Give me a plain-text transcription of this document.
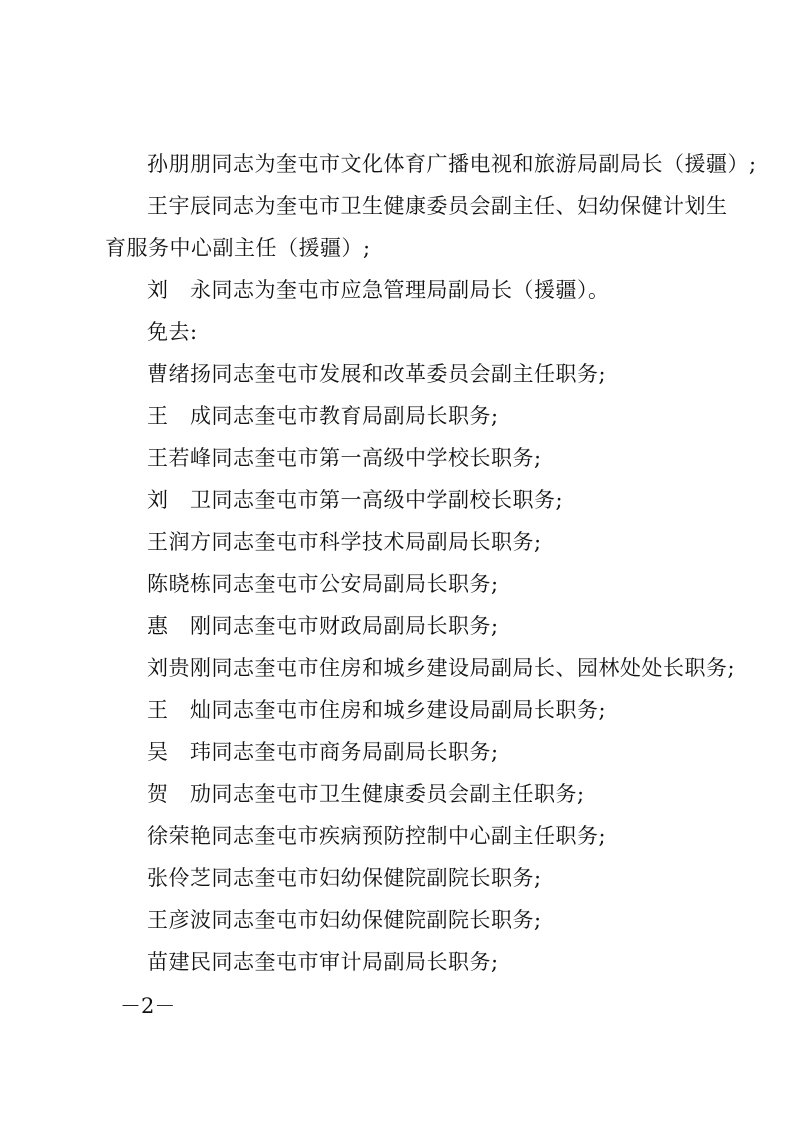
孙朋朋同志为奎屯市文化体育广播电视和旅游局副局长（援疆）;
王宇辰同志为奎屯市卫生健康委员会副主任、妇幼保健计划生
育服务中心副主任（援疆）;
刘　永同志为奎屯市应急管理局副局长（援疆）。
免去:
曹绪扬同志奎屯市发展和改革委员会副主任职务;
王　成同志奎屯市教育局副局长职务;
王若峰同志奎屯市第一高级中学校长职务;
刘　卫同志奎屯市第一高级中学副校长职务;
王润方同志奎屯市科学技术局副局长职务;
陈晓栋同志奎屯市公安局副局长职务;
惠　刚同志奎屯市财政局副局长职务;
刘贵刚同志奎屯市住房和城乡建设局副局长、园林处处长职务;
王　灿同志奎屯市住房和城乡建设局副局长职务;
吴　玮同志奎屯市商务局副局长职务;
贺　劢同志奎屯市卫生健康委员会副主任职务;
徐荣艳同志奎屯市疾病预防控制中心副主任职务;
张伶芝同志奎屯市妇幼保健院副院长职务;
王彦波同志奎屯市妇幼保健院副院长职务;
苗建民同志奎屯市审计局副局长职务;
－2－
